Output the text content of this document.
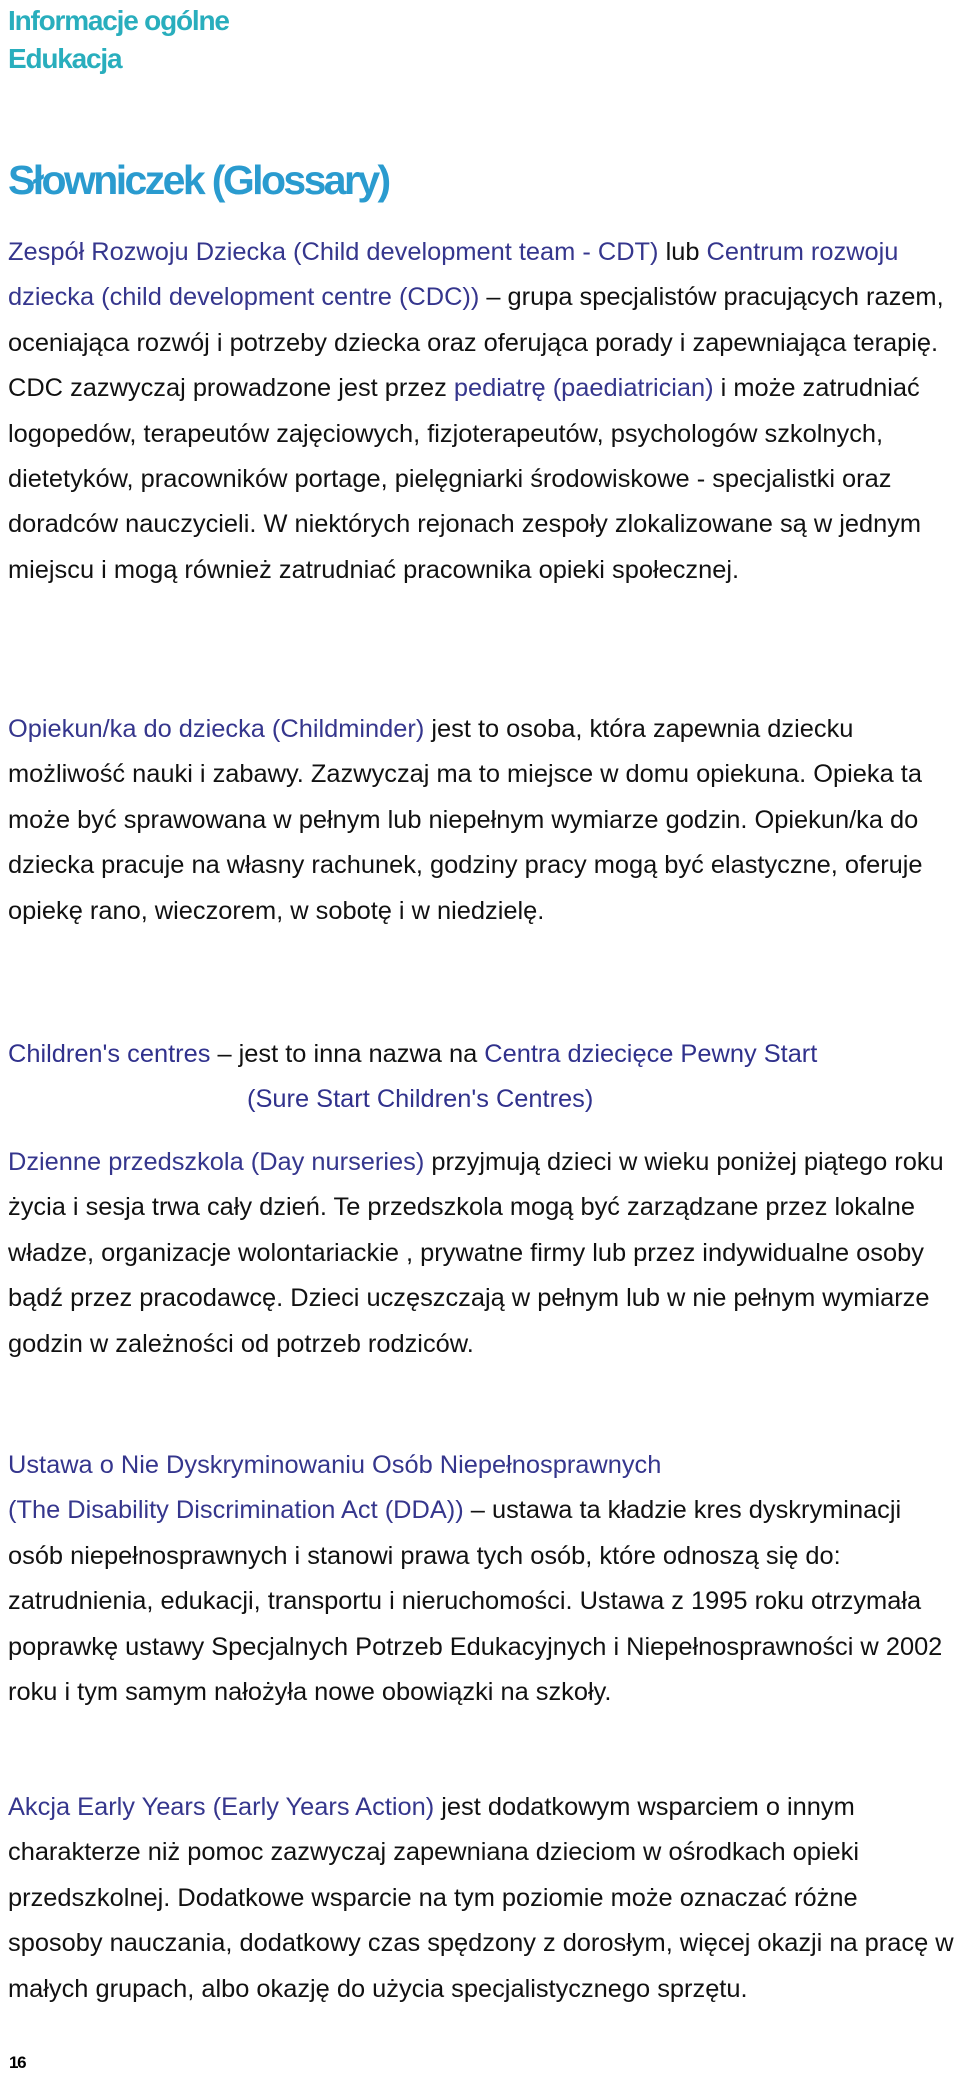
Informacje ogólne
Edukacja
Słowniczek (Glossary)

Zespół Rozwoju Dziecka (Child development team - CDT) lub Centrum rozwoju dziecka (child development centre (CDC)) – grupa specjalistów pracujących razem, oceniająca rozwój i potrzeby dziecka oraz oferująca porady i zapewniająca terapię. CDC zazwyczaj prowadzone jest przez pediatrę (paediatrician) i może zatrudniać logopedów, terapeutów zajęciowych, fizjoterapeutów, psychologów szkolnych, dietetyków, pracowników portage, pielęgniarki środowiskowe - specjalistki oraz doradców nauczycieli. W niektórych rejonach zespoły zlokalizowane są w jednym miejscu i mogą również zatrudniać pracownika opieki społecznej.

Opiekun/ka do dziecka (Childminder) jest to osoba, która zapewnia dziecku możliwość nauki i zabawy. Zazwyczaj ma to miejsce w domu opiekuna. Opieka ta może być sprawowana w pełnym lub niepełnym wymiarze godzin. Opiekun/ka do dziecka pracuje na własny rachunek, godziny pracy mogą być elastyczne, oferuje opiekę rano, wieczorem, w sobotę i w niedzielę.

Children's centres – jest to inna nazwa na Centra dziecięce Pewny Start
(Sure Start Children's Centres)

Dzienne przedszkola (Day nurseries) przyjmują dzieci w wieku poniżej piątego roku życia i sesja trwa cały dzień. Te przedszkola mogą być zarządzane przez lokalne władze, organizacje wolontariackie , prywatne firmy lub przez indywidualne osoby bądź przez pracodawcę. Dzieci uczęszczają w pełnym lub w nie pełnym wymiarze godzin w zależności od potrzeb rodziców.

Ustawa o Nie Dyskryminowaniu Osób Niepełnosprawnych
(The Disability Discrimination Act (DDA)) – ustawa ta kładzie kres dyskryminacji osób niepełnosprawnych i stanowi prawa tych osób, które odnoszą się do: zatrudnienia, edukacji, transportu i nieruchomości. Ustawa z 1995 roku otrzymała poprawkę ustawy Specjalnych Potrzeb Edukacyjnych i Niepełnosprawności w 2002 roku i tym samym nałożyła nowe obowiązki na szkoły.

Akcja Early Years (Early Years Action) jest dodatkowym wsparciem o innym charakterze niż pomoc zazwyczaj zapewniana dzieciom w ośrodkach opieki przedszkolnej. Dodatkowe wsparcie na tym poziomie może oznaczać różne sposoby nauczania, dodatkowy czas spędzony z dorosłym, więcej okazji na pracę w małych grupach, albo okazję do użycia specjalistycznego sprzętu.

16
